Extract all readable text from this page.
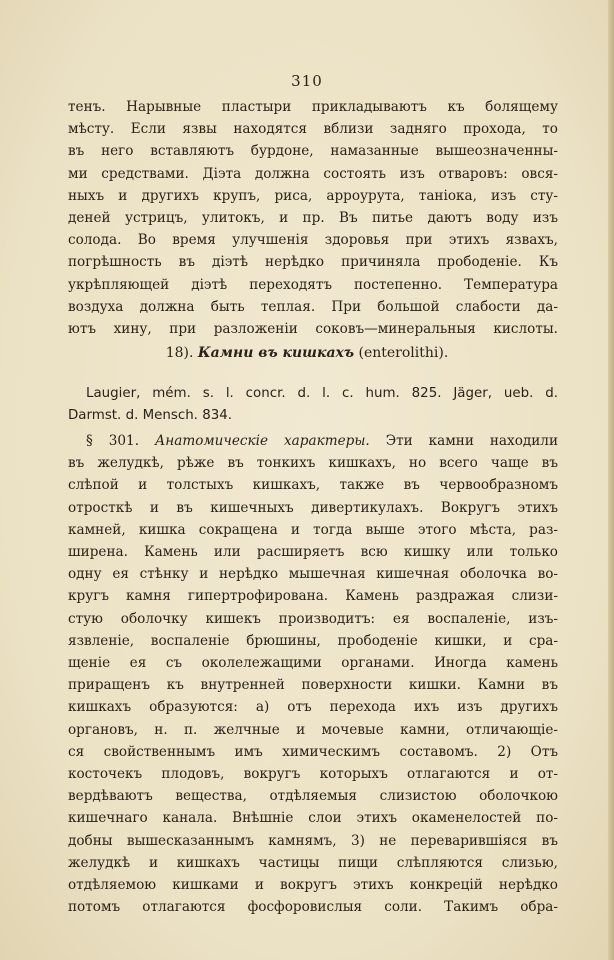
310
тенъ. Нарывные пластыри прикладываютъ къ болящему
мѣсту. Если язвы находятся вблизи задняго прохода, то
въ него вставляютъ бурдоне, намазанные вышеозначенны-
ми средствами. Діэта должна состоять изъ отваровъ: овся-
ныхъ и другихъ крупъ, риса, арроурута, таніока, изъ сту-
деней устрицъ, улитокъ, и пр. Въ питье даютъ воду изъ
солода. Во время улучшенія здоровья при этихъ язвахъ,
погрѣшность въ діэтѣ нерѣдко причиняла прободеніе. Къ
укрѣпляющей діэтѣ переходятъ постепенно. Температура
воздуха должна быть теплая. При большой слабости да-
ютъ хину, при разложеніи соковъ—минеральныя кислоты.
18). Камни въ кишкахъ (enterolithi).
Laugier, mém. s. l. concr. d. l. c. hum. 825. Jäger, ueb. d.
Darmst. d. Mensch. 834.
§ 301. Анатомическіе характеры. Эти камни находили
въ желудкѣ, рѣже въ тонкихъ кишкахъ, но всего чаще въ
слѣпой и толстыхъ кишкахъ, также въ червообразномъ
отросткѣ и въ кишечныхъ дивертикулахъ. Вокругъ этихъ
камней, кишка сокращена и тогда выше этого мѣста, раз-
ширена. Камень или расширяетъ всю кишку или только
одну ея стѣнку и нерѣдко мышечная кишечная оболочка во-
кругъ камня гипертрофирована. Камень раздражая слизи-
стую оболочку кишекъ производитъ: ея воспаленіе, изъ-
язвленіе, воспаленіе брюшины, прободеніе кишки, и сра-
щеніе ея съ околележащими органами. Иногда камень
приращенъ къ внутренней поверхности кишки. Камни въ
кишкахъ образуются: а) отъ перехода ихъ изъ другихъ
органовъ, н. п. желчные и мочевые камни, отличающіе-
ся свойственнымъ имъ химическимъ составомъ. 2) Отъ
косточекъ плодовъ, вокругъ которыхъ отлагаются и от-
вердѣваютъ вещества, отдѣляемыя слизистою оболочкою
кишечнаго канала. Внѣшніе слои этихъ окаменелостей по-
добны вышесказаннымъ камнямъ, 3) не переварившіяся въ
желудкѣ и кишкахъ частицы пищи слѣпляются слизью,
отдѣляемою кишками и вокругъ этихъ конкрецій нерѣдко
потомъ отлагаются фосфоровислыя соли. Такимъ обра-
